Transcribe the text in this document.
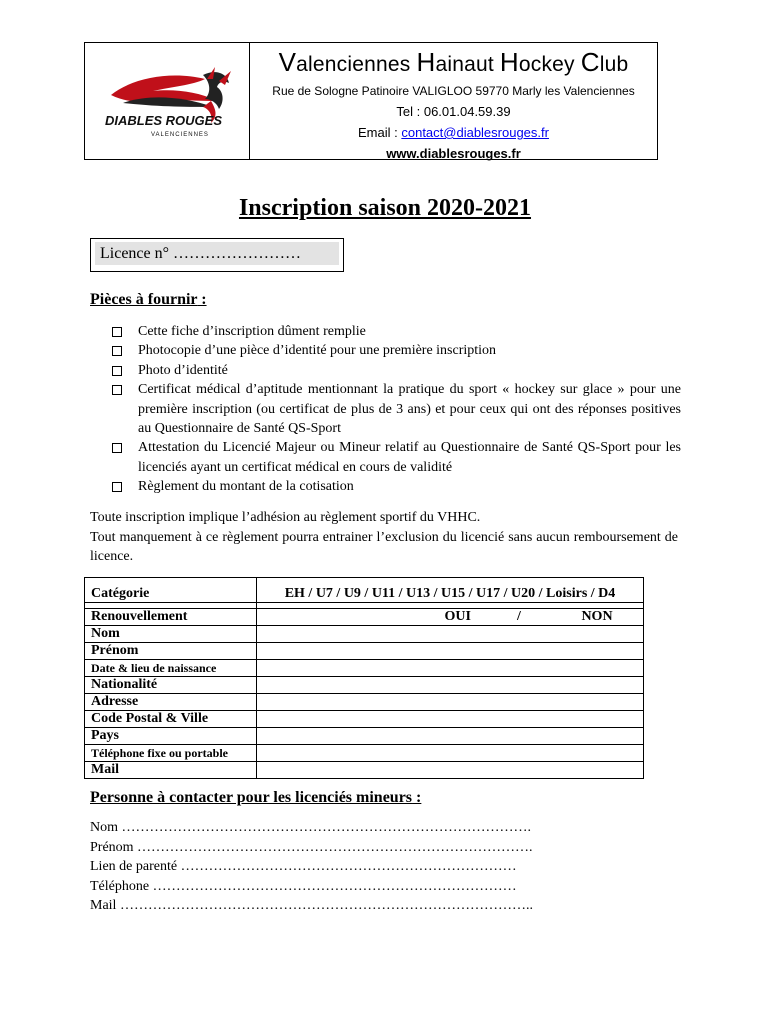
DIABLES ROUGES
VALENCIENNES
Valenciennes Hainaut Hockey Club
Rue de Sologne Patinoire VALIGLOO 59770 Marly les Valenciennes
Tel : 06.01.04.59.39
Email : contact@diablesrouges.fr
www.diablesrouges.fr
Inscription saison 2020-2021
Licence n° ……………………
Pièces à fournir :
Cette fiche d’inscription dûment remplie
Photocopie d’une pièce d’identité pour une première inscription
Photo d’identité
Certificat médical d’aptitude mentionnant la pratique du sport « hockey sur glace » pour une première inscription (ou certificat de plus de 3 ans) et pour ceux qui ont des réponses positives au Questionnaire de Santé QS-Sport
Attestation du Licencié Majeur ou Mineur relatif au Questionnaire de Santé QS-Sport pour les licenciés ayant un certificat médical en cours de validité
Règlement du montant de la cotisation
Toute inscription implique l’adhésion au règlement sportif du VHHC.
Tout manquement à ce règlement pourra entrainer l’exclusion du licencié sans aucun remboursement de licence.
Catégorie	EH / U7 / U9 / U11 / U13 / U15 / U17 / U20 / Loisirs / D4

Renouvellement	OUI / NON
Nom	
Prénom	
Date & lieu de naissance	
Nationalité	
Adresse	
Code Postal & Ville	
Pays	
Téléphone fixe ou portable	
Mail	
Personne à contacter pour les licenciés mineurs :
Nom …………………………………………………………………………….
Prénom ………………………………………………………………………….
Lien de parenté ………………………………………………………………
Téléphone ……………………………………………………………………
Mail ……………………………………………………………………………..
